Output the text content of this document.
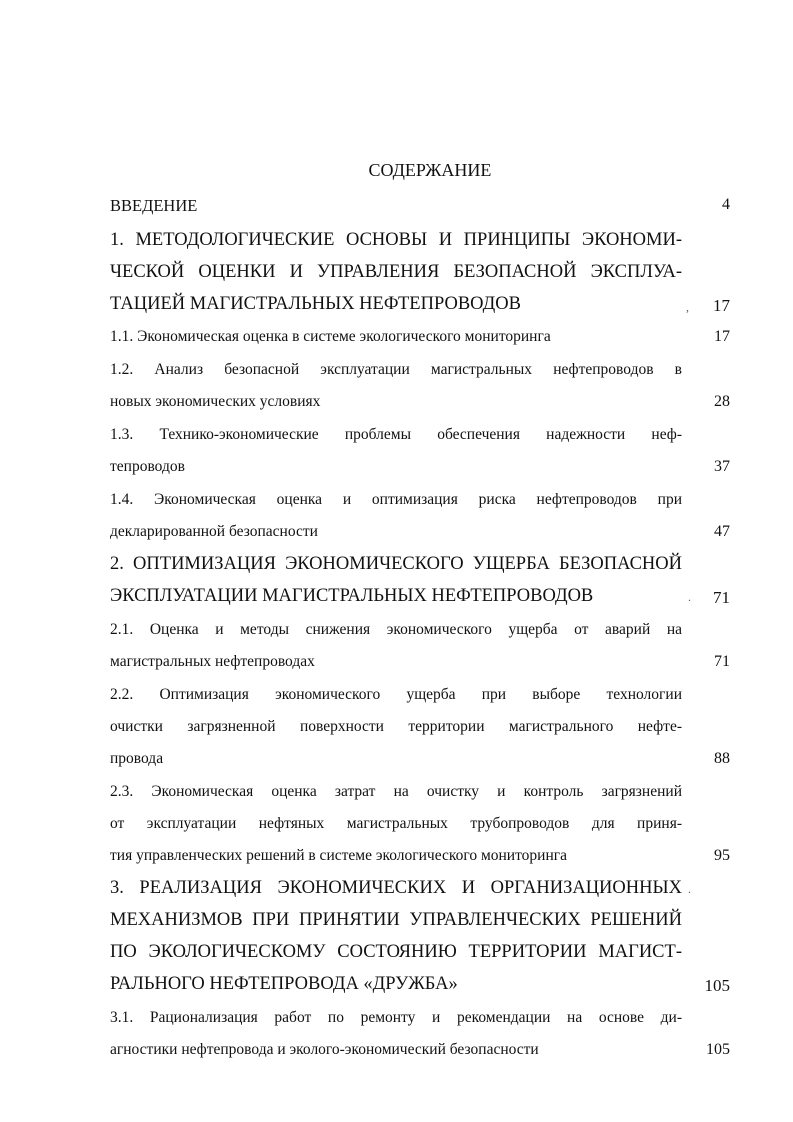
СОДЕРЖАНИЕ
ВВЕДЕНИЕ	4
1. МЕТОДОЛОГИЧЕСКИЕ ОСНОВЫ И ПРИНЦИПЫ ЭКОНОМИ-
ЧЕСКОЙ ОЦЕНКИ И УПРАВЛЕНИЯ БЕЗОПАСНОЙ ЭКСПЛУА-
ТАЦИЕЙ МАГИСТРАЛЬНЫХ НЕФТЕПРОВОДОВ	17
1.1. Экономическая оценка в системе экологического мониторинга	17
1.2. Анализ безопасной эксплуатации магистральных нефтепроводов в
новых экономических условиях	28
1.3. Технико-экономические проблемы обеспечения надежности неф-
тепроводов	37
1.4. Экономическая оценка и оптимизация риска нефтепроводов при
декларированной безопасности	47
2. ОПТИМИЗАЦИЯ ЭКОНОМИЧЕСКОГО УЩЕРБА БЕЗОПАСНОЙ
ЭКСПЛУАТАЦИИ МАГИСТРАЛЬНЫХ НЕФТЕПРОВОДОВ	71
2.1. Оценка и методы снижения экономического ущерба от аварий на
магистральных нефтепроводах	71
2.2. Оптимизация экономического ущерба при выборе технологии
очистки загрязненной поверхности территории магистрального нефте-
провода	88
2.3. Экономическая оценка затрат на очистку и контроль загрязнений
от эксплуатации нефтяных магистральных трубопроводов для приня-
тия управленческих решений в системе экологического мониторинга	95
3. РЕАЛИЗАЦИЯ ЭКОНОМИЧЕСКИХ И ОРГАНИЗАЦИОННЫХ
МЕХАНИЗМОВ ПРИ ПРИНЯТИИ УПРАВЛЕНЧЕСКИХ РЕШЕНИЙ
ПО ЭКОЛОГИЧЕСКОМУ СОСТОЯНИЮ ТЕРРИТОРИИ МАГИСТ-
РАЛЬНОГО НЕФТЕПРОВОДА «ДРУЖБА»	105
3.1. Рационализация работ по ремонту и рекомендации на основе ди-
агностики нефтепровода и эколого-экономический безопасности	105
,
.
.
